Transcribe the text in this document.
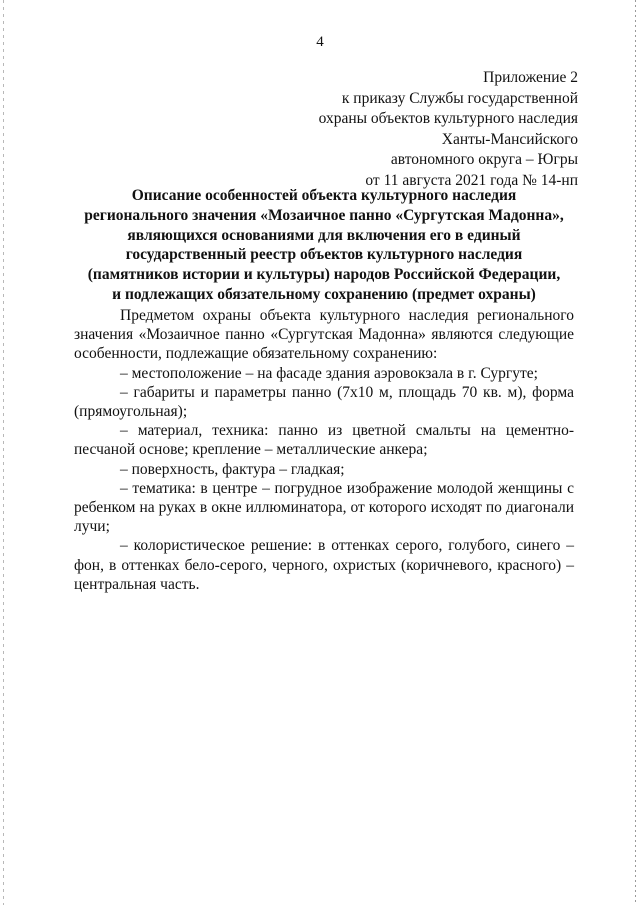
4
Приложение 2
к приказу Службы государственной
охраны объектов культурного наследия
Ханты-Мансийского
автономного округа – Югры
от 11 августа 2021 года № 14-нп
Описание особенностей объекта культурного наследия
регионального значения «Мозаичное панно «Сургутская Мадонна»,
являющихся основаниями для включения его в единый
государственный реестр объектов культурного наследия
(памятников истории и культуры) народов Российской Федерации,
и подлежащих обязательному сохранению (предмет охраны)

Предметом охраны объекта культурного наследия регионального значения «Мозаичное панно «Сургутская Мадонна» являются следующие особенности, подлежащие обязательному сохранению:

– местоположение – на фасаде здания аэровокзала в г. Сургуте;

– габариты и параметры панно (7х10 м, площадь 70 кв. м), форма (прямоугольная);

– материал, техника: панно из цветной смальты на цементно-песчаной основе; крепление – металлические анкера;

– поверхность, фактура – гладкая;

– тематика: в центре – погрудное изображение молодой женщины с ребенком на руках в окне иллюминатора, от которого исходят по диагонали лучи;

– колористическое решение: в оттенках серого, голубого, синего – фон, в оттенках бело-серого, черного, охристых (коричневого, красного) – центральная часть.
